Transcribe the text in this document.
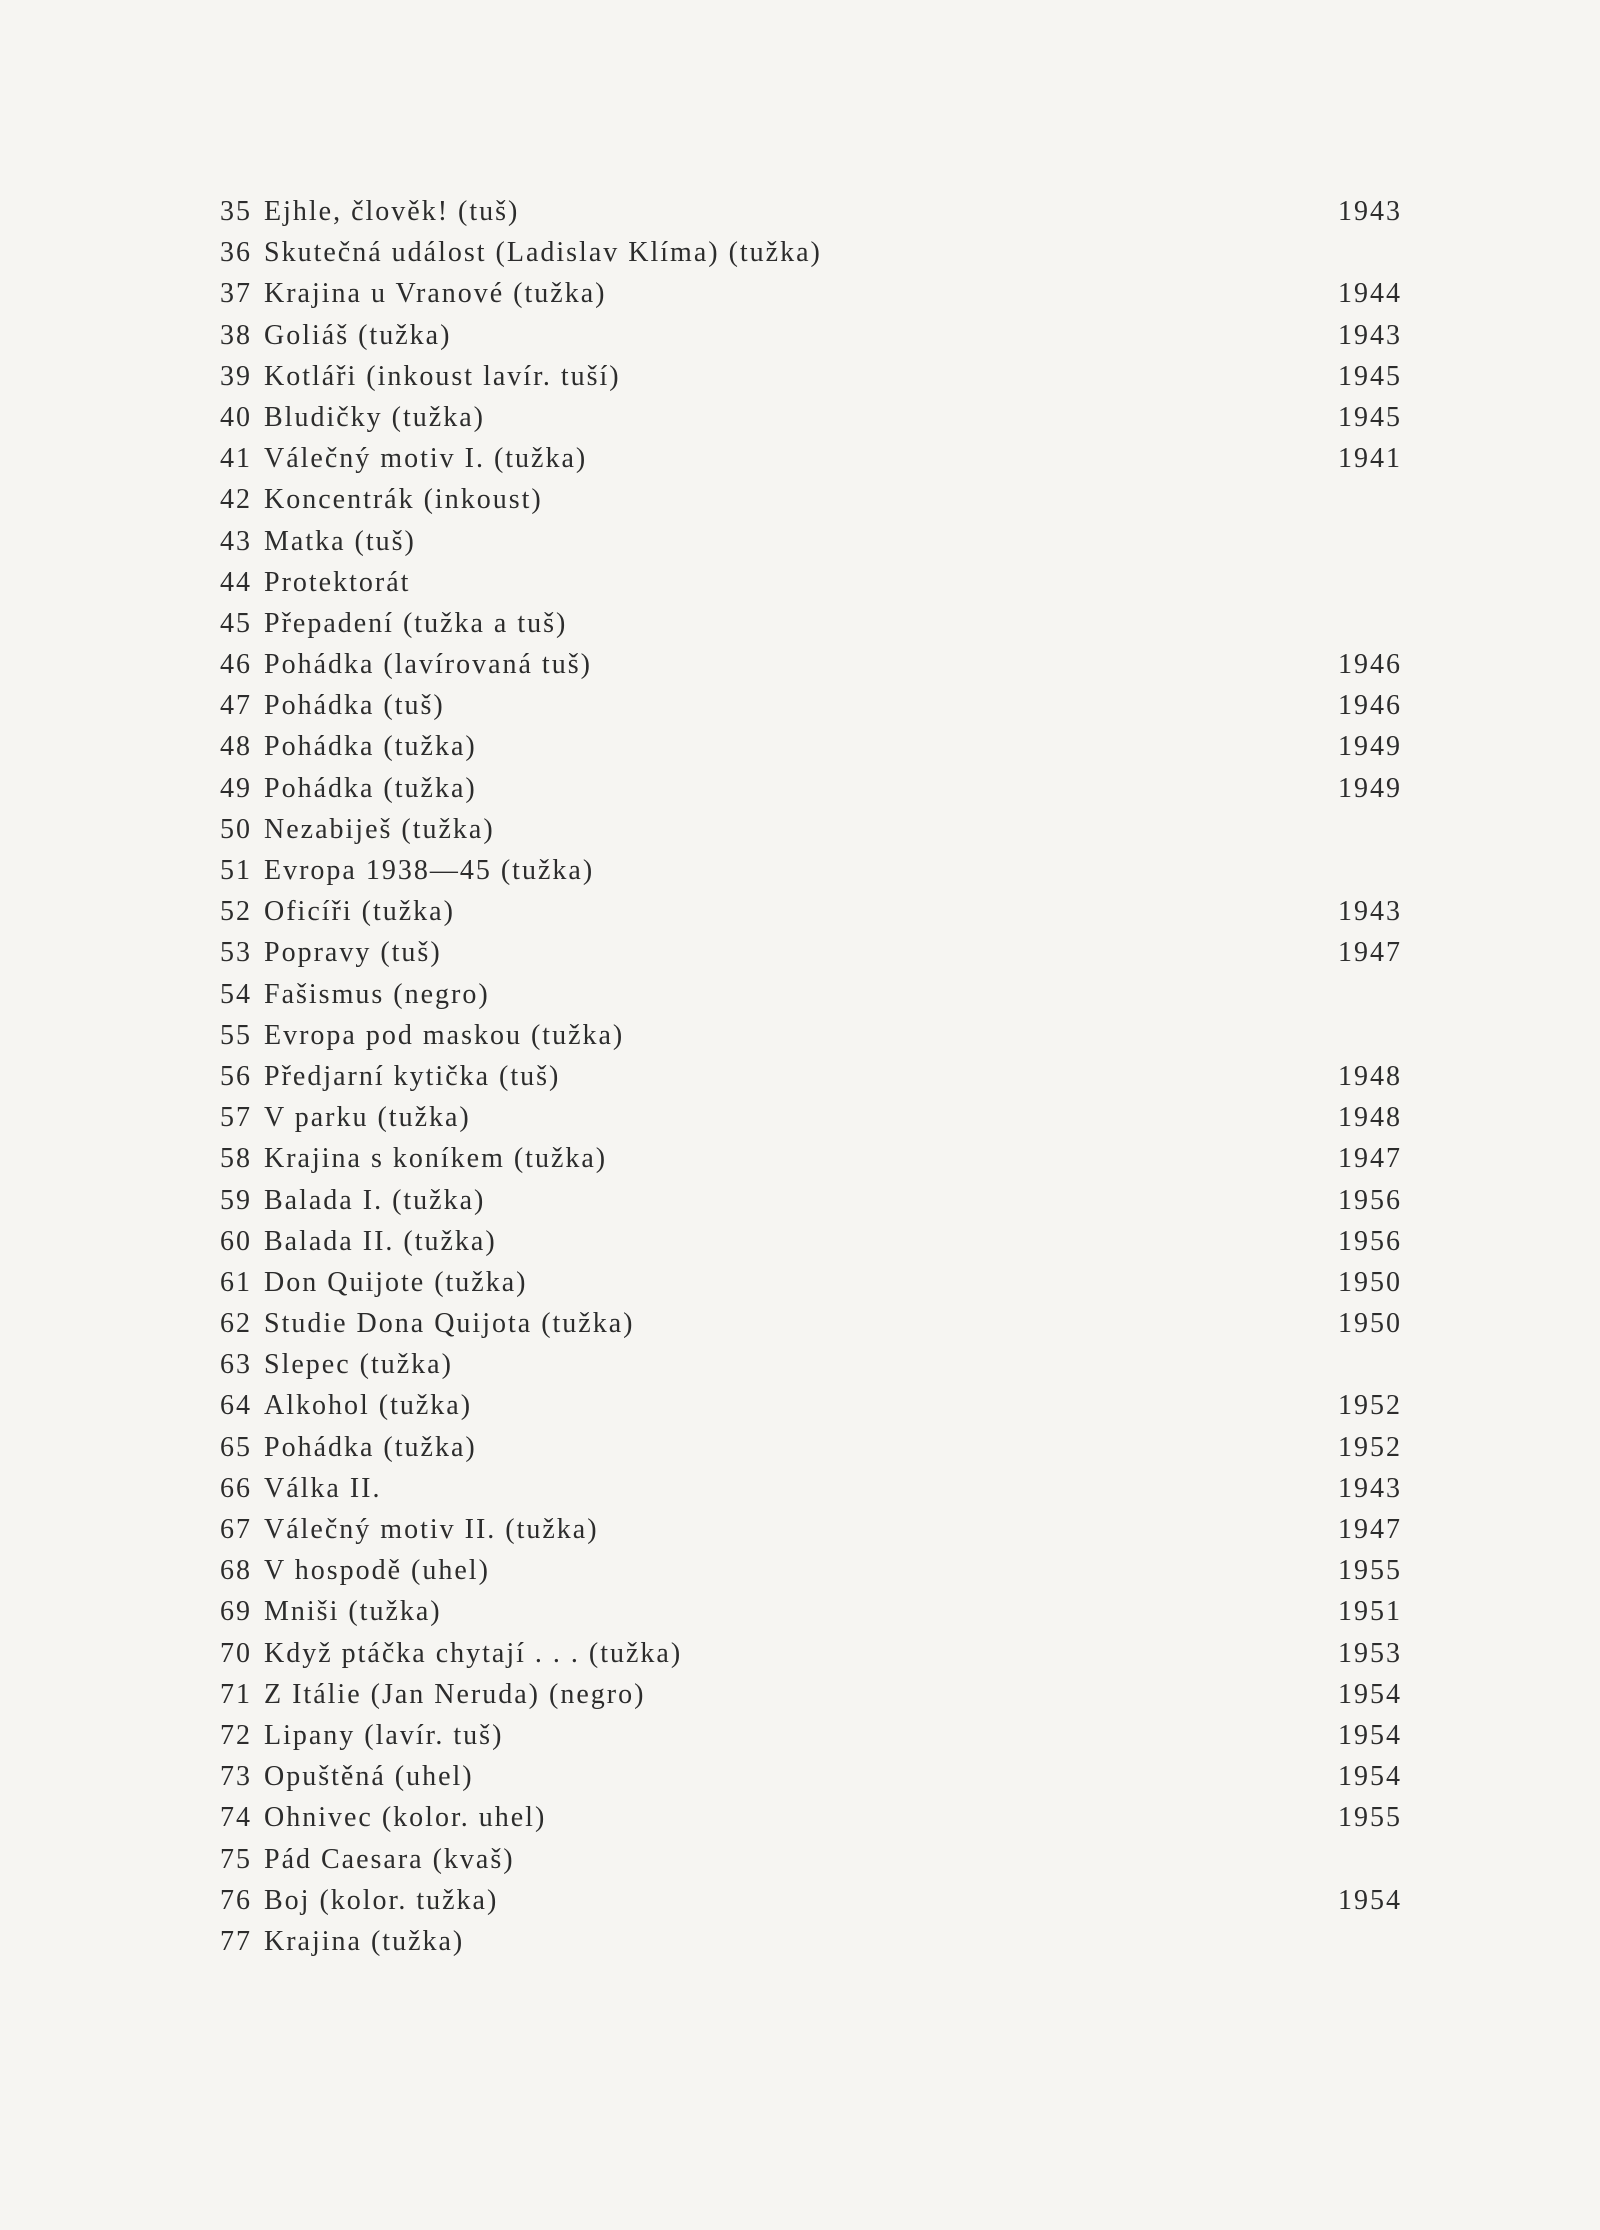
35 Ejhle, člověk! (tuš)	1943
36 Skutečná událost (Ladislav Klíma) (tužka)
37 Krajina u Vranové (tužka)	1944
38 Goliáš (tužka)	1943
39 Kotláři (inkoust lavír. tuší)	1945
40 Bludičky (tužka)	1945
41 Válečný motiv I. (tužka)	1941
42 Koncentrák (inkoust)
43 Matka (tuš)
44 Protektorát
45 Přepadení (tužka a tuš)
46 Pohádka (lavírovaná tuš)	1946
47 Pohádka (tuš)	1946
48 Pohádka (tužka)	1949
49 Pohádka (tužka)	1949
50 Nezabiješ (tužka)
51 Evropa 1938—45 (tužka)
52 Oficíři (tužka)	1943
53 Popravy (tuš)	1947
54 Fašismus (negro)
55 Evropa pod maskou (tužka)
56 Předjarní kytička (tuš)	1948
57 V parku (tužka)	1948
58 Krajina s koníkem (tužka)	1947
59 Balada I. (tužka)	1956
60 Balada II. (tužka)	1956
61 Don Quijote (tužka)	1950
62 Studie Dona Quijota (tužka)	1950
63 Slepec (tužka)
64 Alkohol (tužka)	1952
65 Pohádka (tužka)	1952
66 Válka II.	1943
67 Válečný motiv II. (tužka)	1947
68 V hospodě (uhel)	1955
69 Mniši (tužka)	1951
70 Když ptáčka chytají . . . (tužka)	1953
71 Z Itálie (Jan Neruda) (negro)	1954
72 Lipany (lavír. tuš)	1954
73 Opuštěná (uhel)	1954
74 Ohnivec (kolor. uhel)	1955
75 Pád Caesara (kvaš)
76 Boj (kolor. tužka)	1954
77 Krajina (tužka)
